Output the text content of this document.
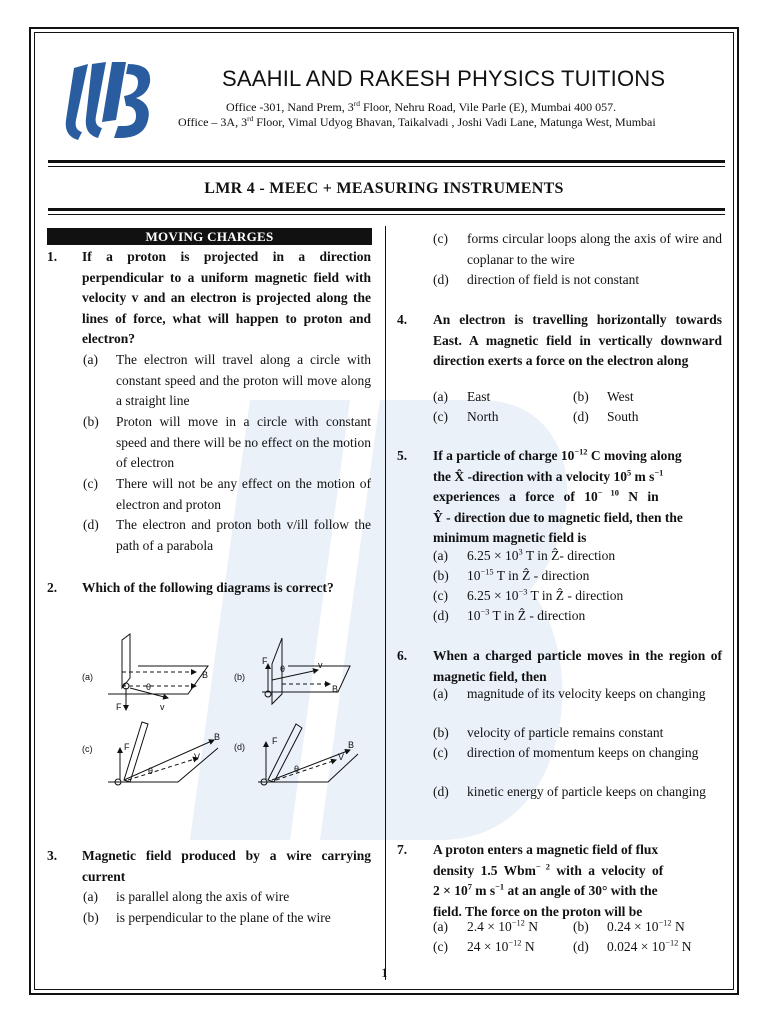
SAAHIL AND RAKESH PHYSICS TUITIONS
Office -301, Nand Prem, 3rd Floor, Nehru Road, Vile Parle (E), Mumbai 400 057.
Office – 3A, 3rd Floor, Vimal Udyog Bhavan, Taikalvadi , Joshi Vadi Lane, Matunga West, Mumbai
LMR 4 - MEEC + MEASURING INSTRUMENTS
MOVING CHARGES
1. If a proton is projected in a direction perpendicular to a uniform magnetic field with velocity v and an electron is projected along the lines of force, what will happen to proton and electron?
(a) The electron will travel along a circle with constant speed and the proton will move along a straight line
(b) Proton will move in a circle with constant speed and there will be no effect on the motion of electron
(c) There will not be any effect on the motion of electron and proton
(d) The electron and proton both v/ill follow the path of a parabola
2. Which of the following diagrams is correct?
(a)	(b)
(c)	(d)
B
F	v
θ
F
θ	v
B
F
B
V
θ
F	B
V
θ
3. Magnetic field produced by a wire carrying current
(a) is parallel along the axis of wire
(b) is perpendicular to the plane of the wire
(c) forms circular loops along the axis of wire and coplanar to the wire
(d) direction of field is not constant
4. An electron is travelling horizontally towards East. A magnetic field in vertically downward direction exerts a force on the electron along
(a) East	(b) West
(c) North	(d) South
5. If a particle of charge $10^{-12}$ C moving along
the X̂ -direction with a velocity $10^5$ m $s^{-1}$
experiences a force of $10^{- 10}$ N in
Ŷ - direction due to magnetic field, then the
minimum magnetic field is
(a) $6.25 \times 10^3$ T in Ẑ- direction
(b) $10^{-15}$ T in Ẑ - direction
(c) $6.25 \times 10^{-3}$ T in Ẑ - direction
(d) $10^{-3}$ T in Ẑ - direction
6. When a charged particle moves in the region of magnetic field, then
(a) magnitude of its velocity keeps on changing
(b) velocity of particle remains constant
(c) direction of momentum keeps on changing
(d) kinetic energy of particle keeps on changing
7. A proton enters a magnetic field of flux
density 1.5 Wbm$^{- 2}$ with a velocity of
$2 \times 10^7$ m $s^{-1}$ at an angle of 30° with the
field. The force on the proton will be
(a) $2.4 \times 10^{-12}$ N	(b) $0.24 \times 10^{-12}$ N
(c) $24 \times 10^{-12}$ N	(d) $0.024 \times 10^{-12}$ N
1
